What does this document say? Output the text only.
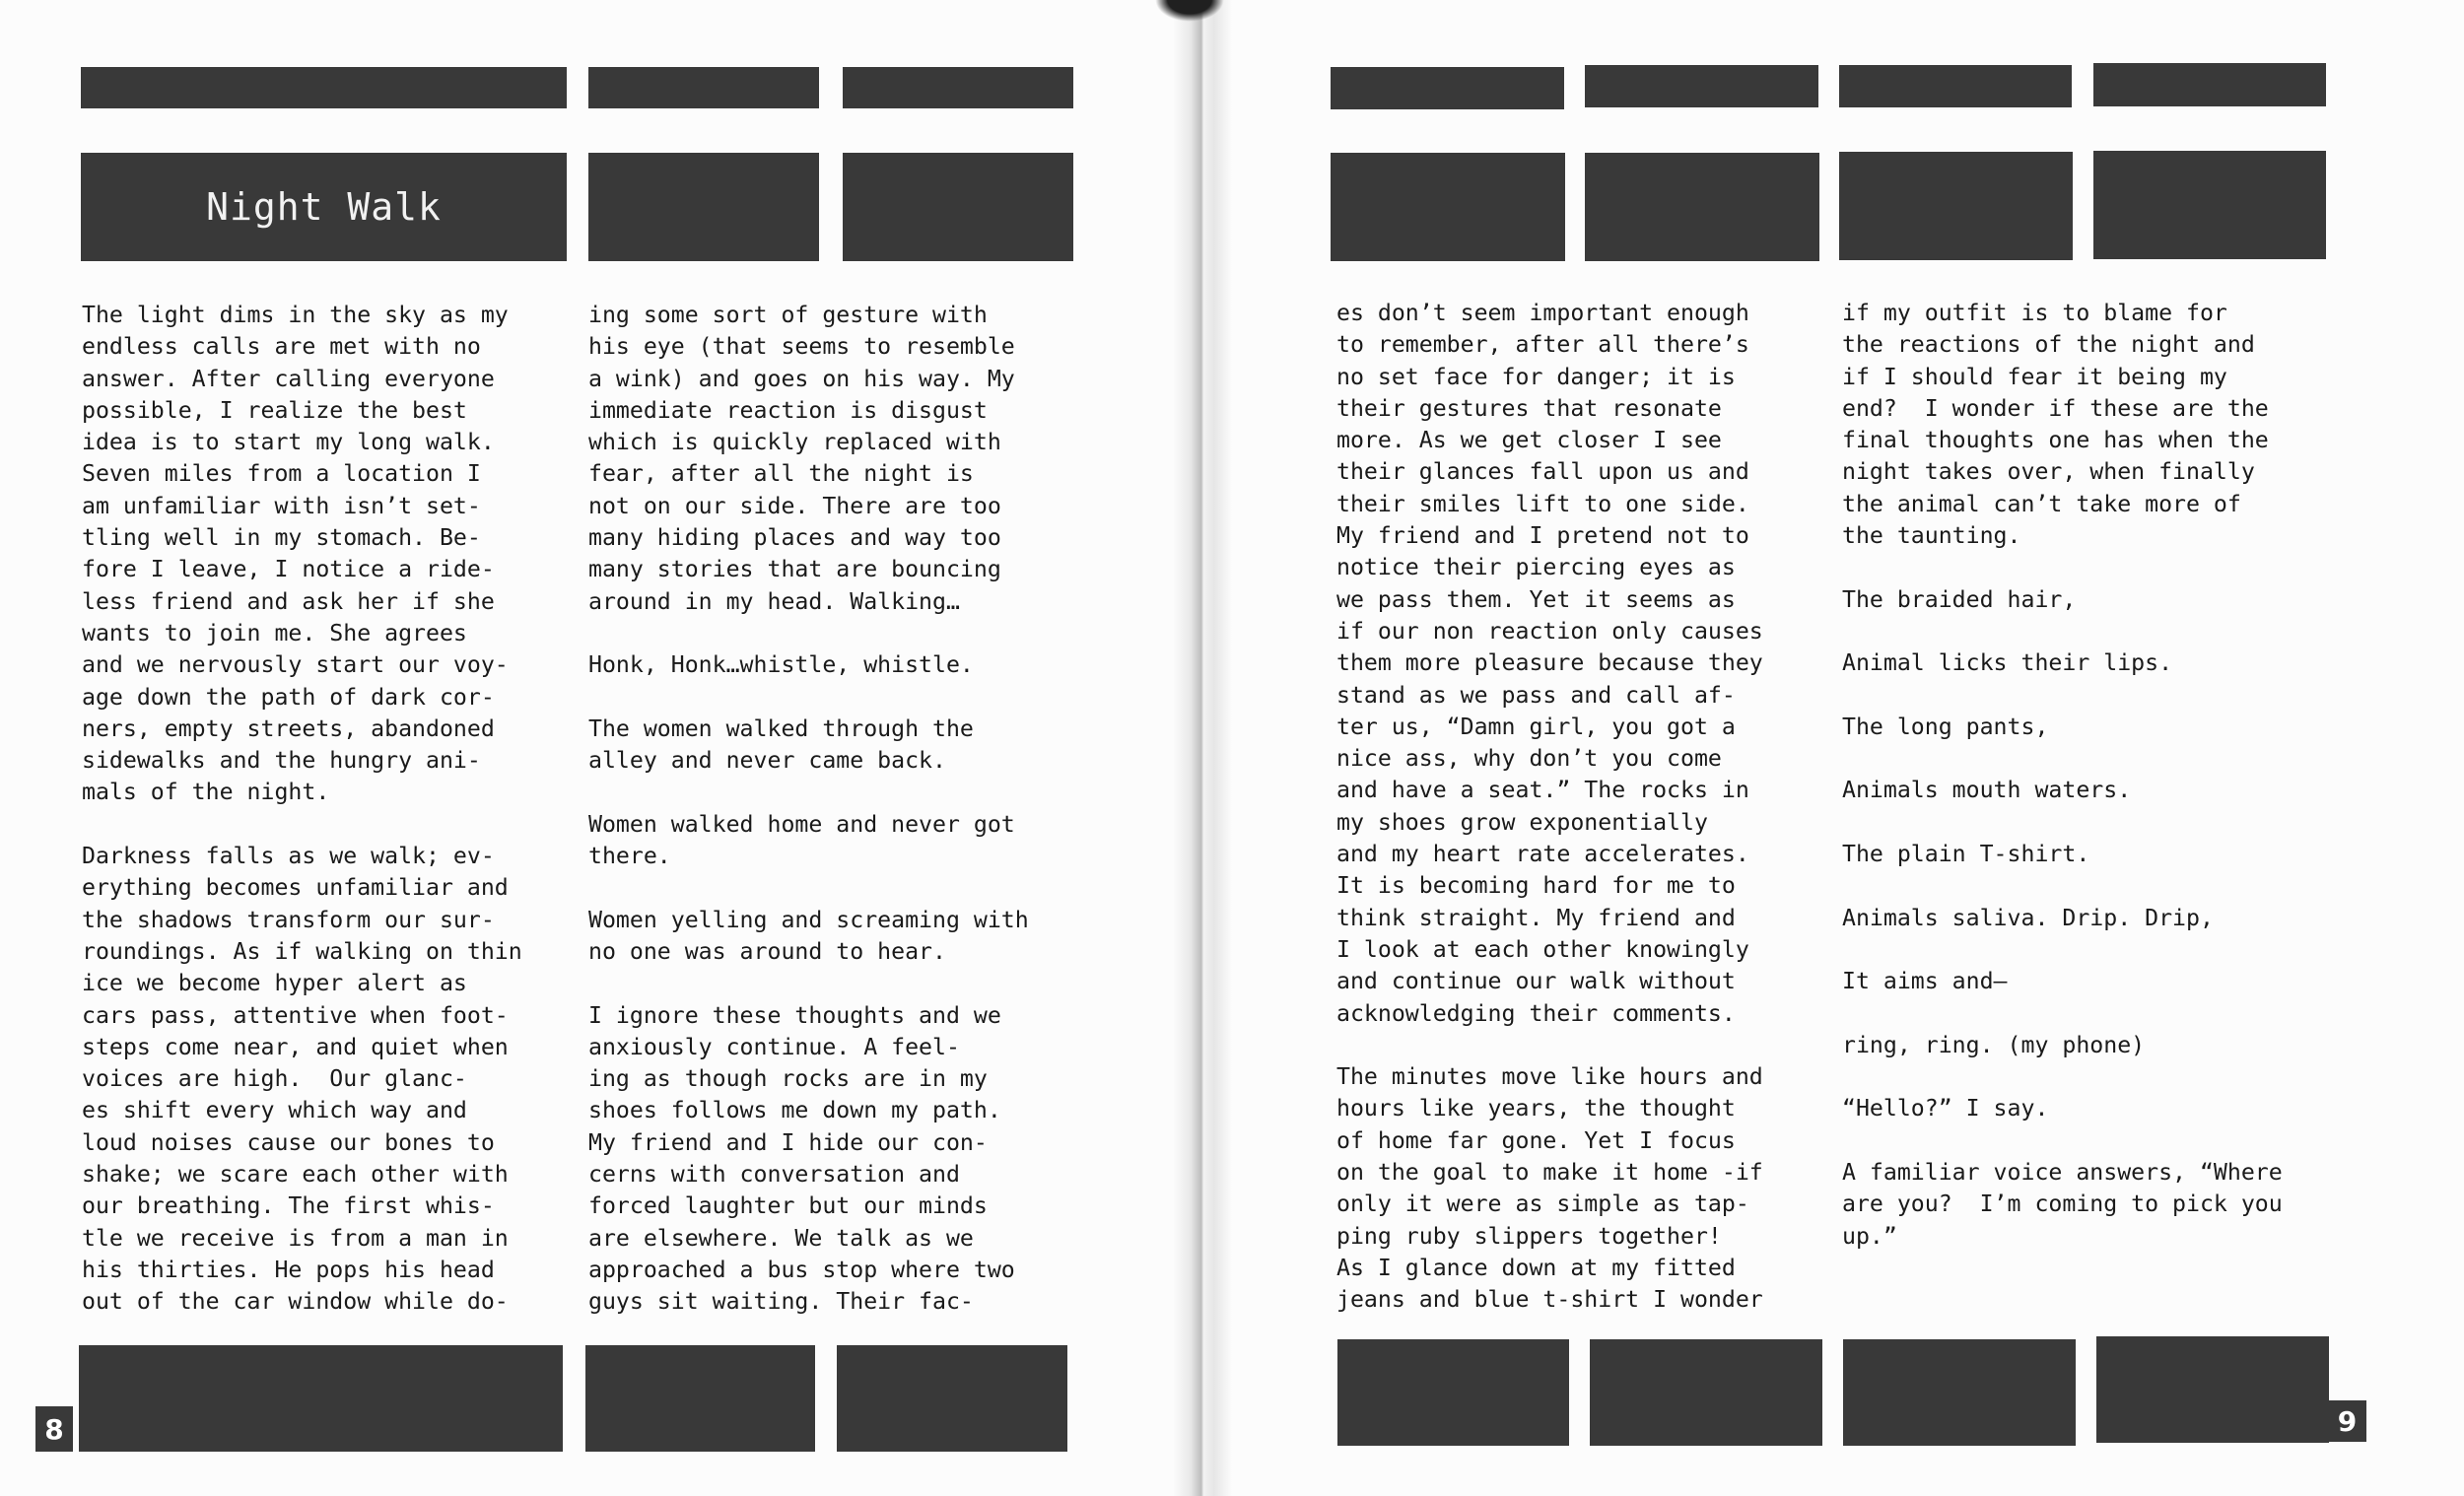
Night Walk
The light dims in the sky as my
endless calls are met with no
answer. After calling everyone
possible, I realize the best
idea is to start my long walk.
Seven miles from a location I
am unfamiliar with isn’t set-
tling well in my stomach. Be-
fore I leave, I notice a ride-
less friend and ask her if she
wants to join me. She agrees
and we nervously start our voy-
age down the path of dark cor-
ners, empty streets, abandoned
sidewalks and the hungry ani-
mals of the night.

Darkness falls as we walk; ev-
erything becomes unfamiliar and
the shadows transform our sur-
roundings. As if walking on thin
ice we become hyper alert as
cars pass, attentive when foot-
steps come near, and quiet when
voices are high.  Our glanc-
es shift every which way and
loud noises cause our bones to
shake; we scare each other with
our breathing. The first whis-
tle we receive is from a man in
his thirties. He pops his head
out of the car window while do-
ing some sort of gesture with
his eye (that seems to resemble
a wink) and goes on his way. My
immediate reaction is disgust
which is quickly replaced with
fear, after all the night is
not on our side. There are too
many hiding places and way too
many stories that are bouncing
around in my head. Walking…

Honk, Honk…whistle, whistle.

The women walked through the
alley and never came back.

Women walked home and never got
there.

Women yelling and screaming with
no one was around to hear.

I ignore these thoughts and we
anxiously continue. A feel-
ing as though rocks are in my
shoes follows me down my path.
My friend and I hide our con-
cerns with conversation and
forced laughter but our minds
are elsewhere. We talk as we
approached a bus stop where two
guys sit waiting. Their fac-
8
es don’t seem important enough
to remember, after all there’s
no set face for danger; it is
their gestures that resonate
more. As we get closer I see
their glances fall upon us and
their smiles lift to one side.
My friend and I pretend not to
notice their piercing eyes as
we pass them. Yet it seems as
if our non reaction only causes
them more pleasure because they
stand as we pass and call af-
ter us, “Damn girl, you got a
nice ass, why don’t you come
and have a seat.” The rocks in
my shoes grow exponentially
and my heart rate accelerates.
It is becoming hard for me to
think straight. My friend and
I look at each other knowingly
and continue our walk without
acknowledging their comments.

The minutes move like hours and
hours like years, the thought
of home far gone. Yet I focus
on the goal to make it home -if
only it were as simple as tap-
ping ruby slippers together!
As I glance down at my fitted
jeans and blue t-shirt I wonder
if my outfit is to blame for
the reactions of the night and
if I should fear it being my
end?  I wonder if these are the
final thoughts one has when the
night takes over, when finally
the animal can’t take more of
the taunting.

The braided hair,

Animal licks their lips.

The long pants,

Animals mouth waters.

The plain T-shirt.

Animals saliva. Drip. Drip,

It aims and—

ring, ring. (my phone)

“Hello?” I say.

A familiar voice answers, “Where
are you?  I’m coming to pick you
up.”
9
